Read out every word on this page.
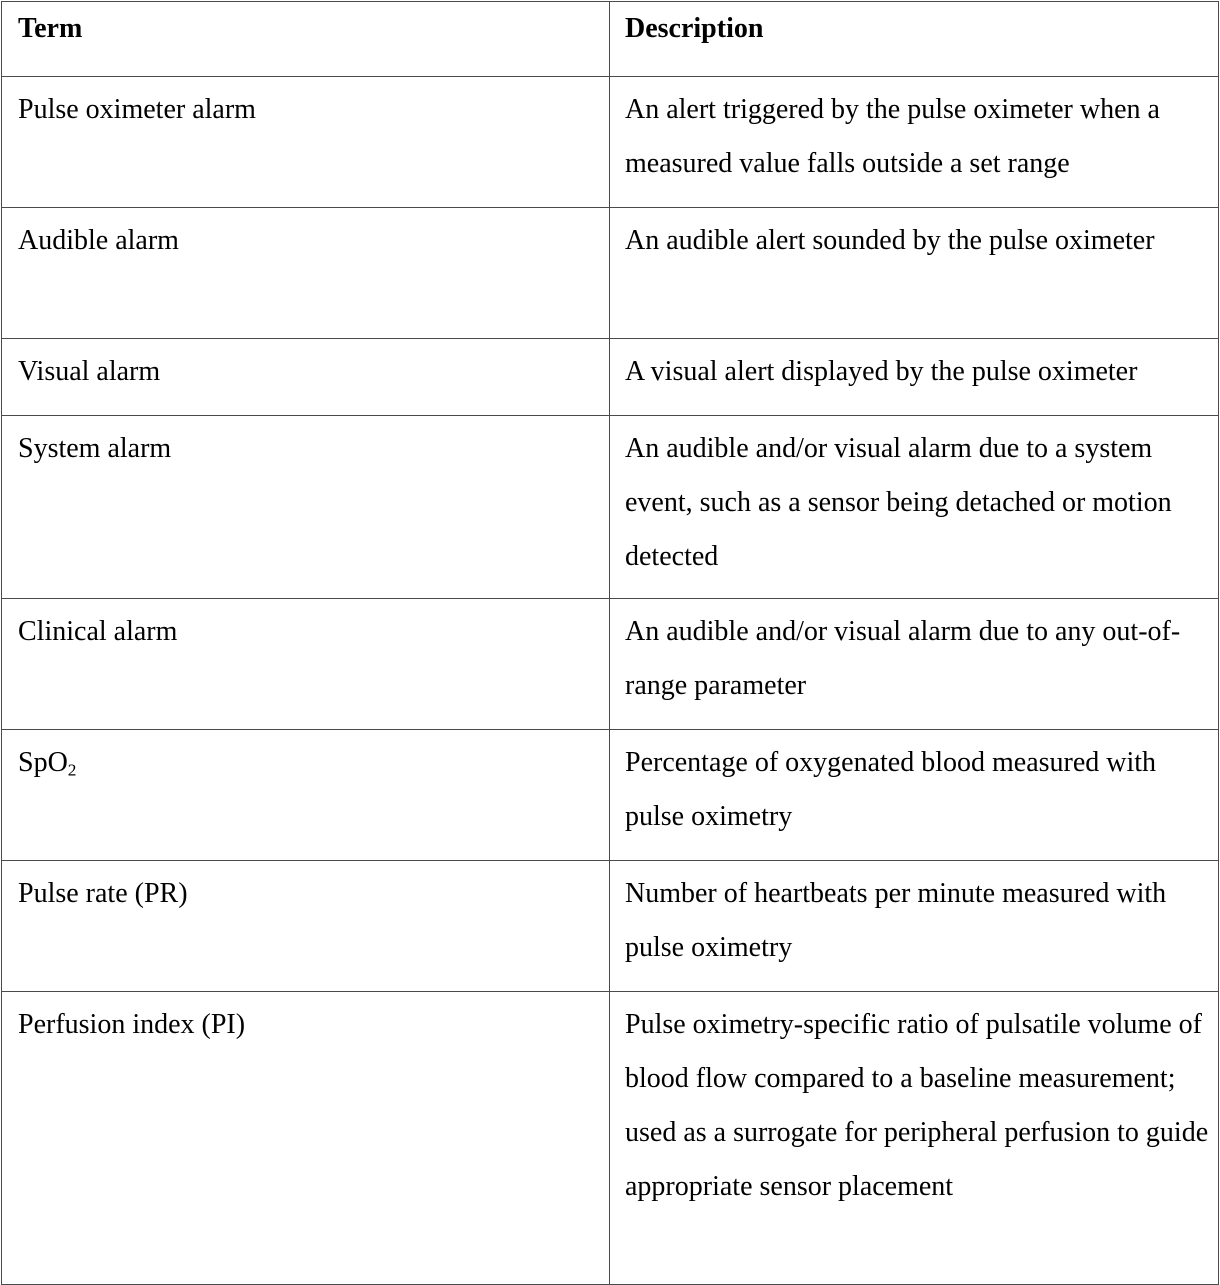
Term	Description
Pulse oximeter alarm	An alert triggered by the pulse oximeter when a measured value falls outside a set range
Audible alarm	An audible alert sounded by the pulse oximeter
Visual alarm	A visual alert displayed by the pulse oximeter
System alarm	An audible and/or visual alarm due to a system event, such as a sensor being detached or motion detected
Clinical alarm	An audible and/or visual alarm due to any out-of-range parameter
SpO$_2$	Percentage of oxygenated blood measured with pulse oximetry
Pulse rate (PR)	Number of heartbeats per minute measured with pulse oximetry
Perfusion index (PI)	Pulse oximetry-specific ratio of pulsatile volume of blood flow compared to a baseline measurement; used as a surrogate for peripheral perfusion to guide appropriate sensor placement
